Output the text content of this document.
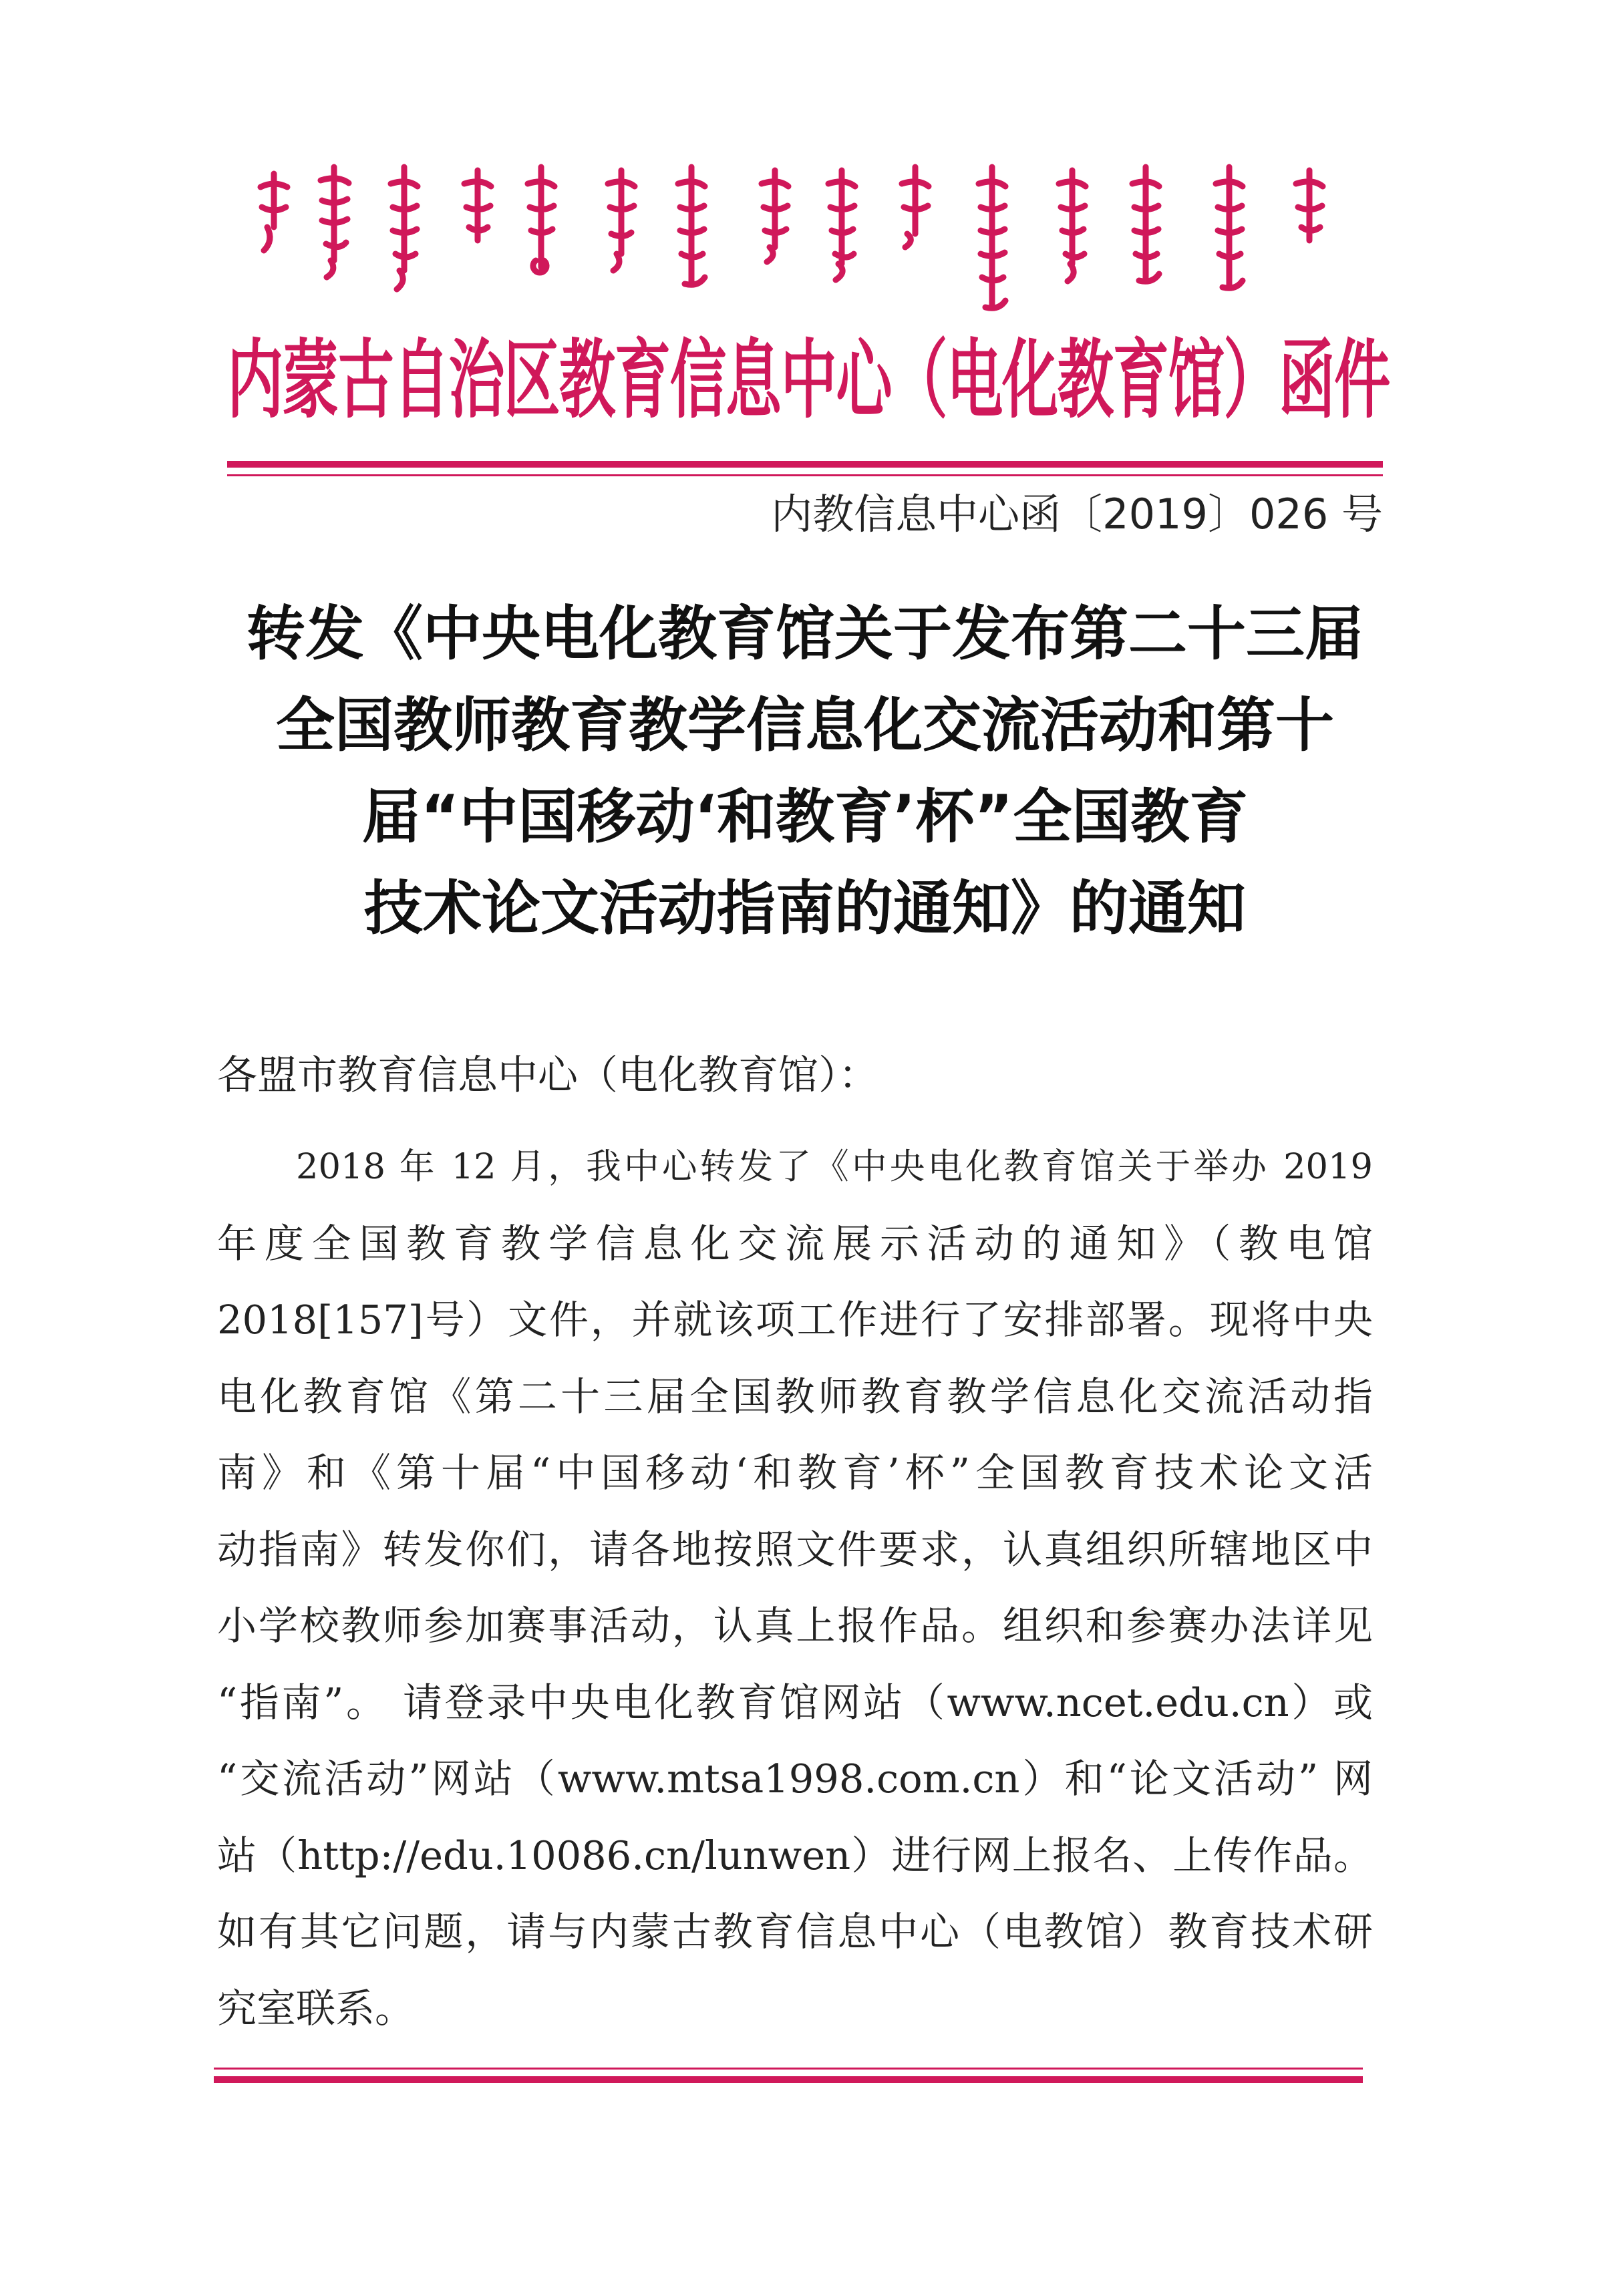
内蒙古自治区教育信息中心（电化教育馆）函件
内教信息中心函〔2019〕026 号
转发《中央电化教育馆关于发布第二十三届
全国教师教育教学信息化交流活动和第十
届“中国移动‘和教育’杯”全国教育
技术论文活动指南的通知》的通知
各盟市教育信息中心（电化教育馆）：
2018 年 12 月，我中心转发了《中央电化教育馆关于举办 2019
年度全国教育教学信息化交流展示活动的通知》（教电馆
2018[157]号）文件，并就该项工作进行了安排部署。现将中央
电化教育馆《第二十三届全国教师教育教学信息化交流活动指
南》和《第十届“中国移动‘和教育’杯”全国教育技术论文活
动指南》转发你们，请各地按照文件要求，认真组织所辖地区中
小学校教师参加赛事活动，认真上报作品。组织和参赛办法详见
“指南”。 请登录中央电化教育馆网站（www.ncet.edu.cn）或
“交流活动”网站（www.mtsa1998.com.cn）和“论文活动” 网
站（http://edu.10086.cn/lunwen）进行网上报名、上传作品。
如有其它问题，请与内蒙古教育信息中心（电教馆）教育技术研
究室联系。
